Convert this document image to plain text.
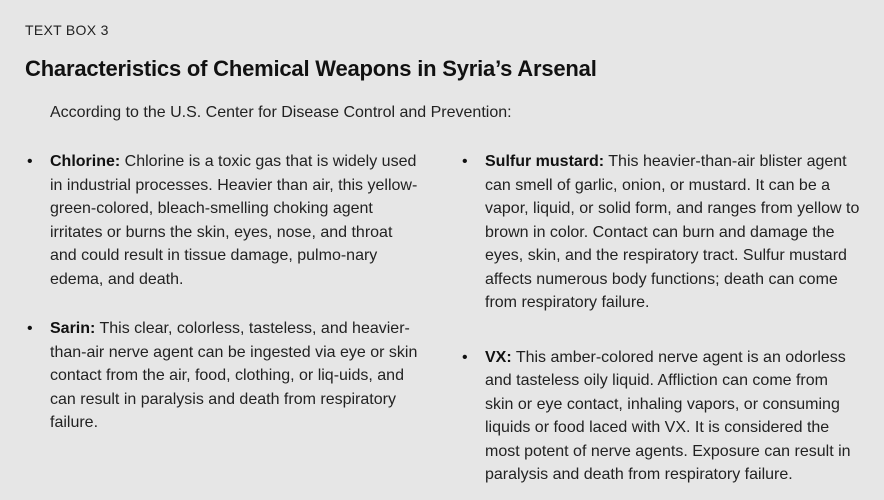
TEXT BOX 3
Characteristics of Chemical Weapons in Syria’s Arsenal
According to the U.S. Center for Disease Control and Prevention:
• Chlorine: Chlorine is a toxic gas that is widely used in industrial processes. Heavier than air, this yellow-green-colored, bleach-smelling choking agent irritates or burns the skin, eyes, nose, and throat and could result in tissue damage, pulmo-nary edema, and death.
• Sarin: This clear, colorless, tasteless, and heavier-than-air nerve agent can be ingested via eye or skin contact from the air, food, clothing, or liq-uids, and can result in paralysis and death from respiratory failure.
• Sulfur mustard: This heavier-than-air blister agent can smell of garlic, onion, or mustard. It can be a vapor, liquid, or solid form, and ranges from yellow to brown in color. Contact can burn and damage the eyes, skin, and the respiratory tract. Sulfur mustard affects numerous body functions; death can come from respiratory failure.
• VX: This amber-colored nerve agent is an odorless and tasteless oily liquid. Affliction can come from skin or eye contact, inhaling vapors, or consuming liquids or food laced with VX. It is considered the most potent of nerve agents. Exposure can result in paralysis and death from respiratory failure.
